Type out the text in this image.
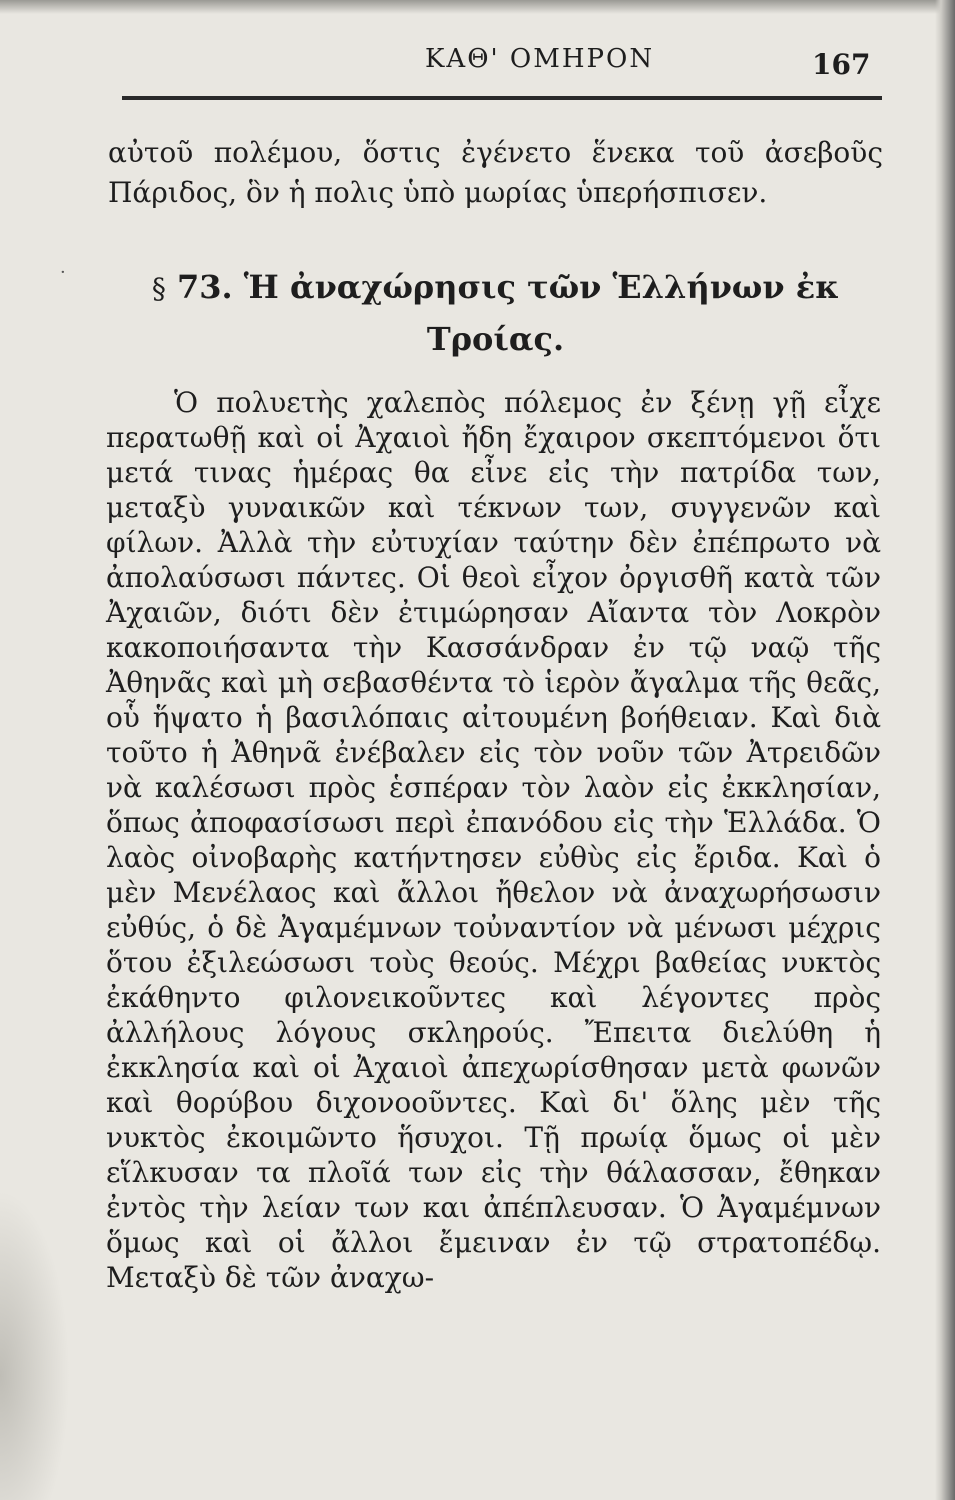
ΚΑΘ' ΟΜΗΡΟΝ	167

αὐτοῦ πολέμου, ὅστις ἐγένετο ἕνεκα τοῦ ἀσεβοῦς Πάριδος, ὃν ἡ πολις ὑπὸ μωρίας ὑπερήσπισεν.

·	§ 73. Ἡ ἀναχώρησις τῶν Ἑλλήνων ἐκ Τροίας.

Ὁ πολυετὴς χαλεπὸς πόλεμος ἐν ξένῃ γῇ εἶχε περατωθῇ καὶ οἱ Ἀχαιοὶ ἤδη ἔχαιρον σκεπτόμενοι ὅτι μετά τινας ἡμέρας θα εἶνε εἰς τὴν πατρίδα των, μεταξὺ γυναικῶν καὶ τέκνων των, συγγενῶν καὶ φίλων. Ἀλλὰ τὴν εὐτυχίαν ταύτην δὲν ἐπέπρωτο νὰ ἀπολαύσωσι πάντες. Οἱ θεοὶ εἶχον ὀργισθῆ κατὰ τῶν Ἀχαιῶν, διότι δὲν ἐτιμώρησαν Αἴαντα τὸν Λοκρὸν κακοποιήσαντα τὴν Κασσάνδραν ἐν τῷ ναῷ τῆς Ἀθηνᾶς καὶ μὴ σεβασθέντα τὸ ἱερὸν ἄγαλμα τῆς θεᾶς, οὗ ἥψατο ἡ βασιλόπαις αἰτουμένη βοήθειαν. Καὶ διὰ τοῦτο ἡ Ἀθηνᾶ ἐνέβαλεν εἰς τὸν νοῦν τῶν Ἀτρειδῶν νὰ καλέσωσι πρὸς ἑσπέραν τὸν λαὸν εἰς ἐκκλησίαν, ὅπως ἀποφασίσωσι περὶ ἐπανόδου εἰς τὴν Ἑλλάδα. Ὁ λαὸς οἰνοβαρὴς κατήντησεν εὐθὺς εἰς ἔριδα. Καὶ ὁ μὲν Μενέλαος καὶ ἄλλοι ἤθελον νὰ ἀναχωρήσωσιν εὐθύς, ὁ δὲ Ἀγαμέμνων τοὐναντίον νὰ μένωσι μέχρις ὅτου ἐξιλεώσωσι τοὺς θεούς. Μέχρι βαθείας νυκτὸς ἐκάθηντο φιλονεικοῦντες καὶ λέγοντες πρὸς ἀλλήλους λόγους σκληρούς. Ἔπειτα διελύθη ἡ ἐκκλησία καὶ οἱ Ἀχαιοὶ ἀπεχωρίσθησαν μετὰ φωνῶν καὶ θορύβου διχονοοῦντες. Καὶ δι' ὅλης μὲν τῆς νυκτὸς ἐκοιμῶντο ἥσυχοι. Τῇ πρωίᾳ ὅμως οἱ μὲν εἵλκυσαν τα πλοῖά των εἰς τὴν θάλασσαν, ἔθηκαν ἐντὸς τὴν λείαν των και ἀπέπλευσαν. Ὁ Ἀγαμέμνων ὅμως καὶ οἱ ἄλλοι ἔμειναν ἐν τῷ στρατοπέδῳ. Μεταξὺ δὲ τῶν ἀναχω-
